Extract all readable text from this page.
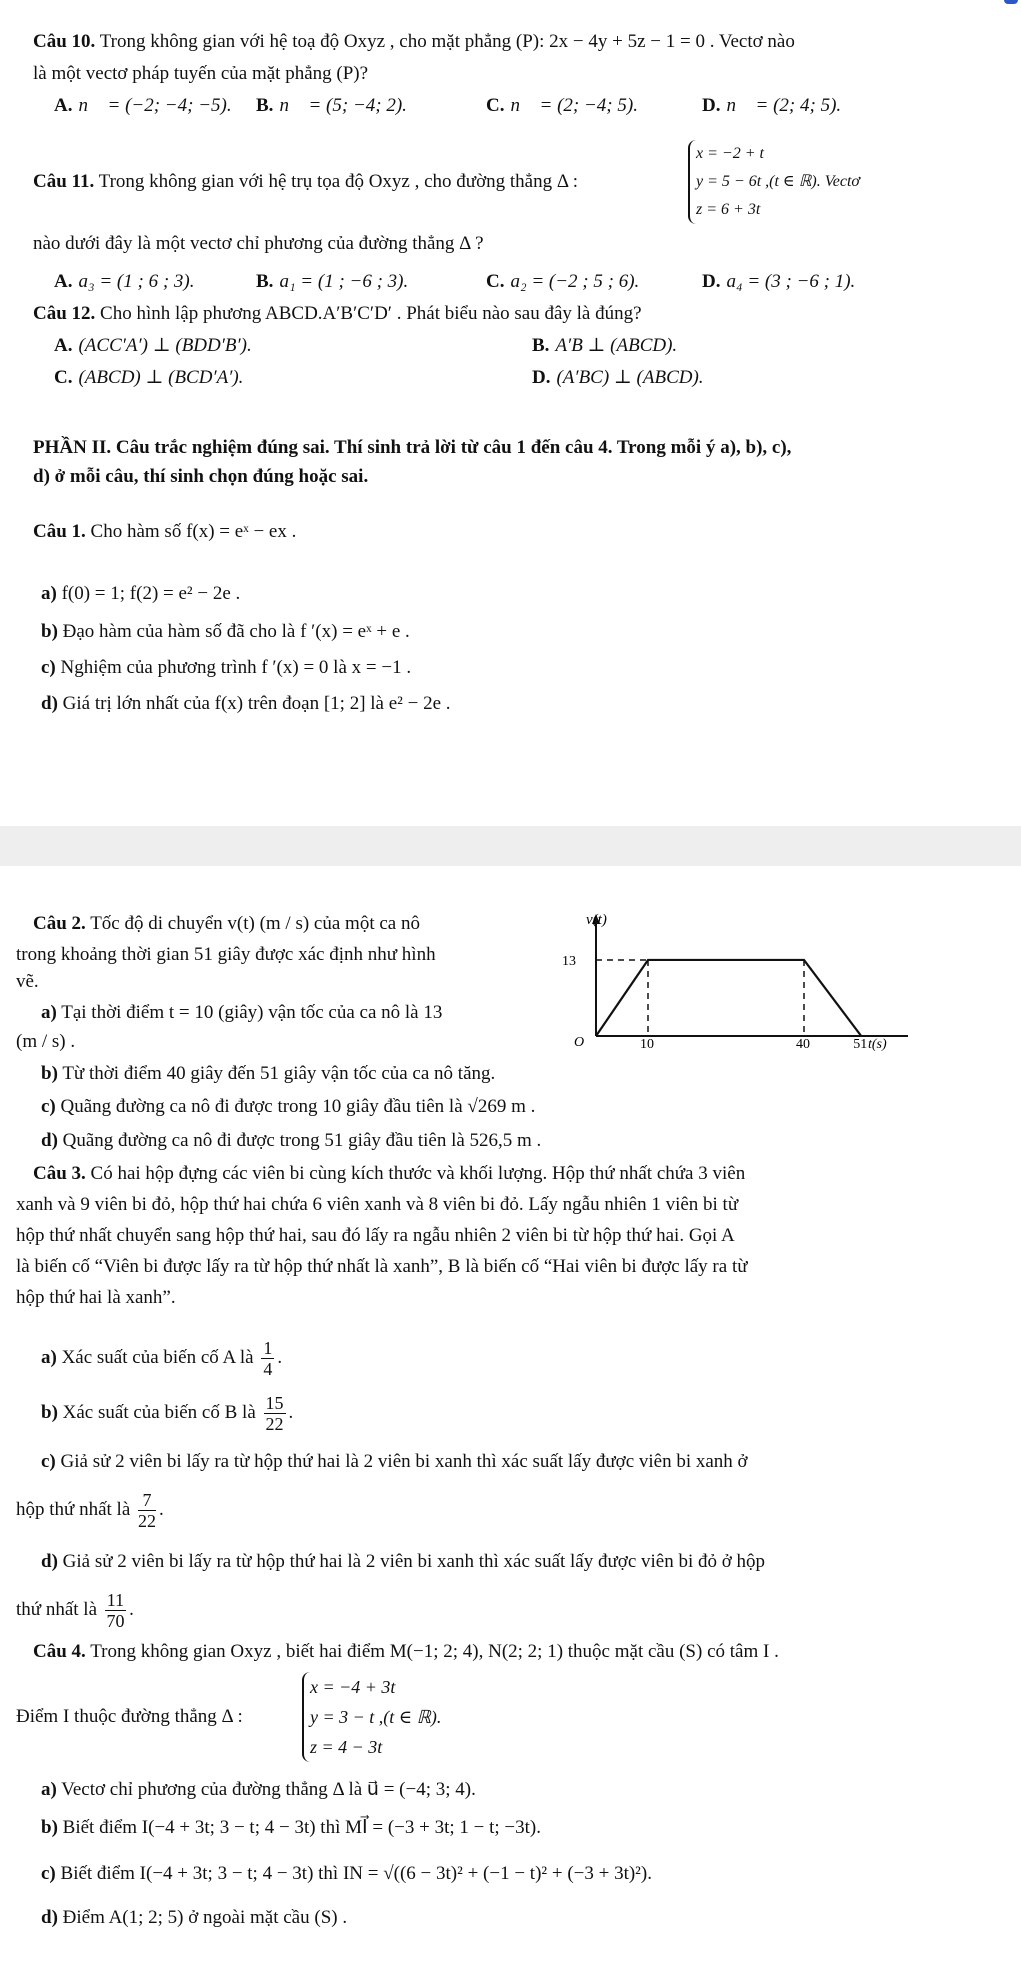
Câu 10. Trong không gian với hệ toạ độ Oxyz , cho mặt phẳng (P): 2x − 4y + 5z − 1 = 0 . Vectơ nào

là một vectơ pháp tuyến của mặt phẳng (P)?

A. n⃗ = (−2; −4; −5). B. n⃗ = (5; −4; 2).	C. n⃗ = (2; −4; 5).	D. n⃗ = (2; 4; 5).

Câu 11. Trong không gian với hệ trụ tọa độ Oxyz , cho đường thẳng Δ :

x = −2 + t
y = 5 − 6t ,(t ∈ ℝ). Vectơ
z = 6 + 3t

nào dưới đây là một vectơ chỉ phương của đường thẳng Δ ?

A. a₃ = (1 ; 6 ; 3).	B. a₁ = (1 ; −6 ; 3).	C. a₂ = (−2 ; 5 ; 6).	D. a₄ = (3 ; −6 ; 1).

Câu 12. Cho hình lập phương ABCD.A′B′C′D′ . Phát biểu nào sau đây là đúng?

A. (ACC′A′) ⊥ (BDD′B′).	B. A′B ⊥ (ABCD).

C. (ABCD) ⊥ (BCD′A′).	D. (A′BC) ⊥ (ABCD).

PHẦN II. Câu trắc nghiệm đúng sai. Thí sinh trả lời từ câu 1 đến câu 4. Trong mỗi ý a), b), c),

d) ở mỗi câu, thí sinh chọn đúng hoặc sai.

Câu 1. Cho hàm số f(x) = eˣ − ex .

a) f(0) = 1; f(2) = e² − 2e .

b) Đạo hàm của hàm số đã cho là f ′(x) = eˣ + e .

c) Nghiệm của phương trình f ′(x) = 0 là x = −1 .

d) Giá trị lớn nhất của f(x) trên đoạn [1; 2] là e² − 2e .

Câu 2. Tốc độ di chuyển v(t) (m / s) của một ca nô

trong khoảng thời gian 51 giây được xác định như hình

vẽ.

a) Tại thời điểm t = 10 (giây) vận tốc của ca nô là 13

(m / s) .

v(t)
13
O	10	40	51 t(s)

b) Từ thời điểm 40 giây đến 51 giây vận tốc của ca nô tăng.

c) Quãng đường ca nô đi được trong 10 giây đầu tiên là √269 m .

d) Quãng đường ca nô đi được trong 51 giây đầu tiên là 526,5 m .

Câu 3. Có hai hộp đựng các viên bi cùng kích thước và khối lượng. Hộp thứ nhất chứa 3 viên

xanh và 9 viên bi đỏ, hộp thứ hai chứa 6 viên xanh và 8 viên bi đỏ. Lấy ngẫu nhiên 1 viên bi từ

hộp thứ nhất chuyển sang hộp thứ hai, sau đó lấy ra ngẫu nhiên 2 viên bi từ hộp thứ hai. Gọi A

là biến cố “Viên bi được lấy ra từ hộp thứ nhất là xanh”, B là biến cố “Hai viên bi được lấy ra từ

hộp thứ hai là xanh”.

a) Xác suất của biến cố A là $\frac{1}{4}$ .

b) Xác suất của biến cố B là $\frac{15}{22}$ .

c) Giả sử 2 viên bi lấy ra từ hộp thứ hai là 2 viên bi xanh thì xác suất lấy được viên bi xanh ở

hộp thứ nhất là $\frac{7}{22}$ .

d) Giả sử 2 viên bi lấy ra từ hộp thứ hai là 2 viên bi xanh thì xác suất lấy được viên bi đỏ ở hộp

thứ nhất là $\frac{11}{70}$ .

Câu 4. Trong không gian Oxyz , biết hai điểm M(−1; 2; 4), N(2; 2; 1) thuộc mặt cầu (S) có tâm I .

Điểm I thuộc đường thẳng Δ :

x = −4 + 3t
y = 3 − t ,(t ∈ ℝ).
z = 4 − 3t

a) Vectơ chỉ phương của đường thẳng Δ là u⃗ = (−4; 3; 4).

b) Biết điểm I(−4 + 3t; 3 − t; 4 − 3t) thì MI⃗ = (−3 + 3t; 1 − t; −3t).

c) Biết điểm I(−4 + 3t; 3 − t; 4 − 3t) thì IN = √((6 − 3t)² + (−1 − t)² + (−3 + 3t)²).

d) Điểm A(1; 2; 5) ở ngoài mặt cầu (S) .
